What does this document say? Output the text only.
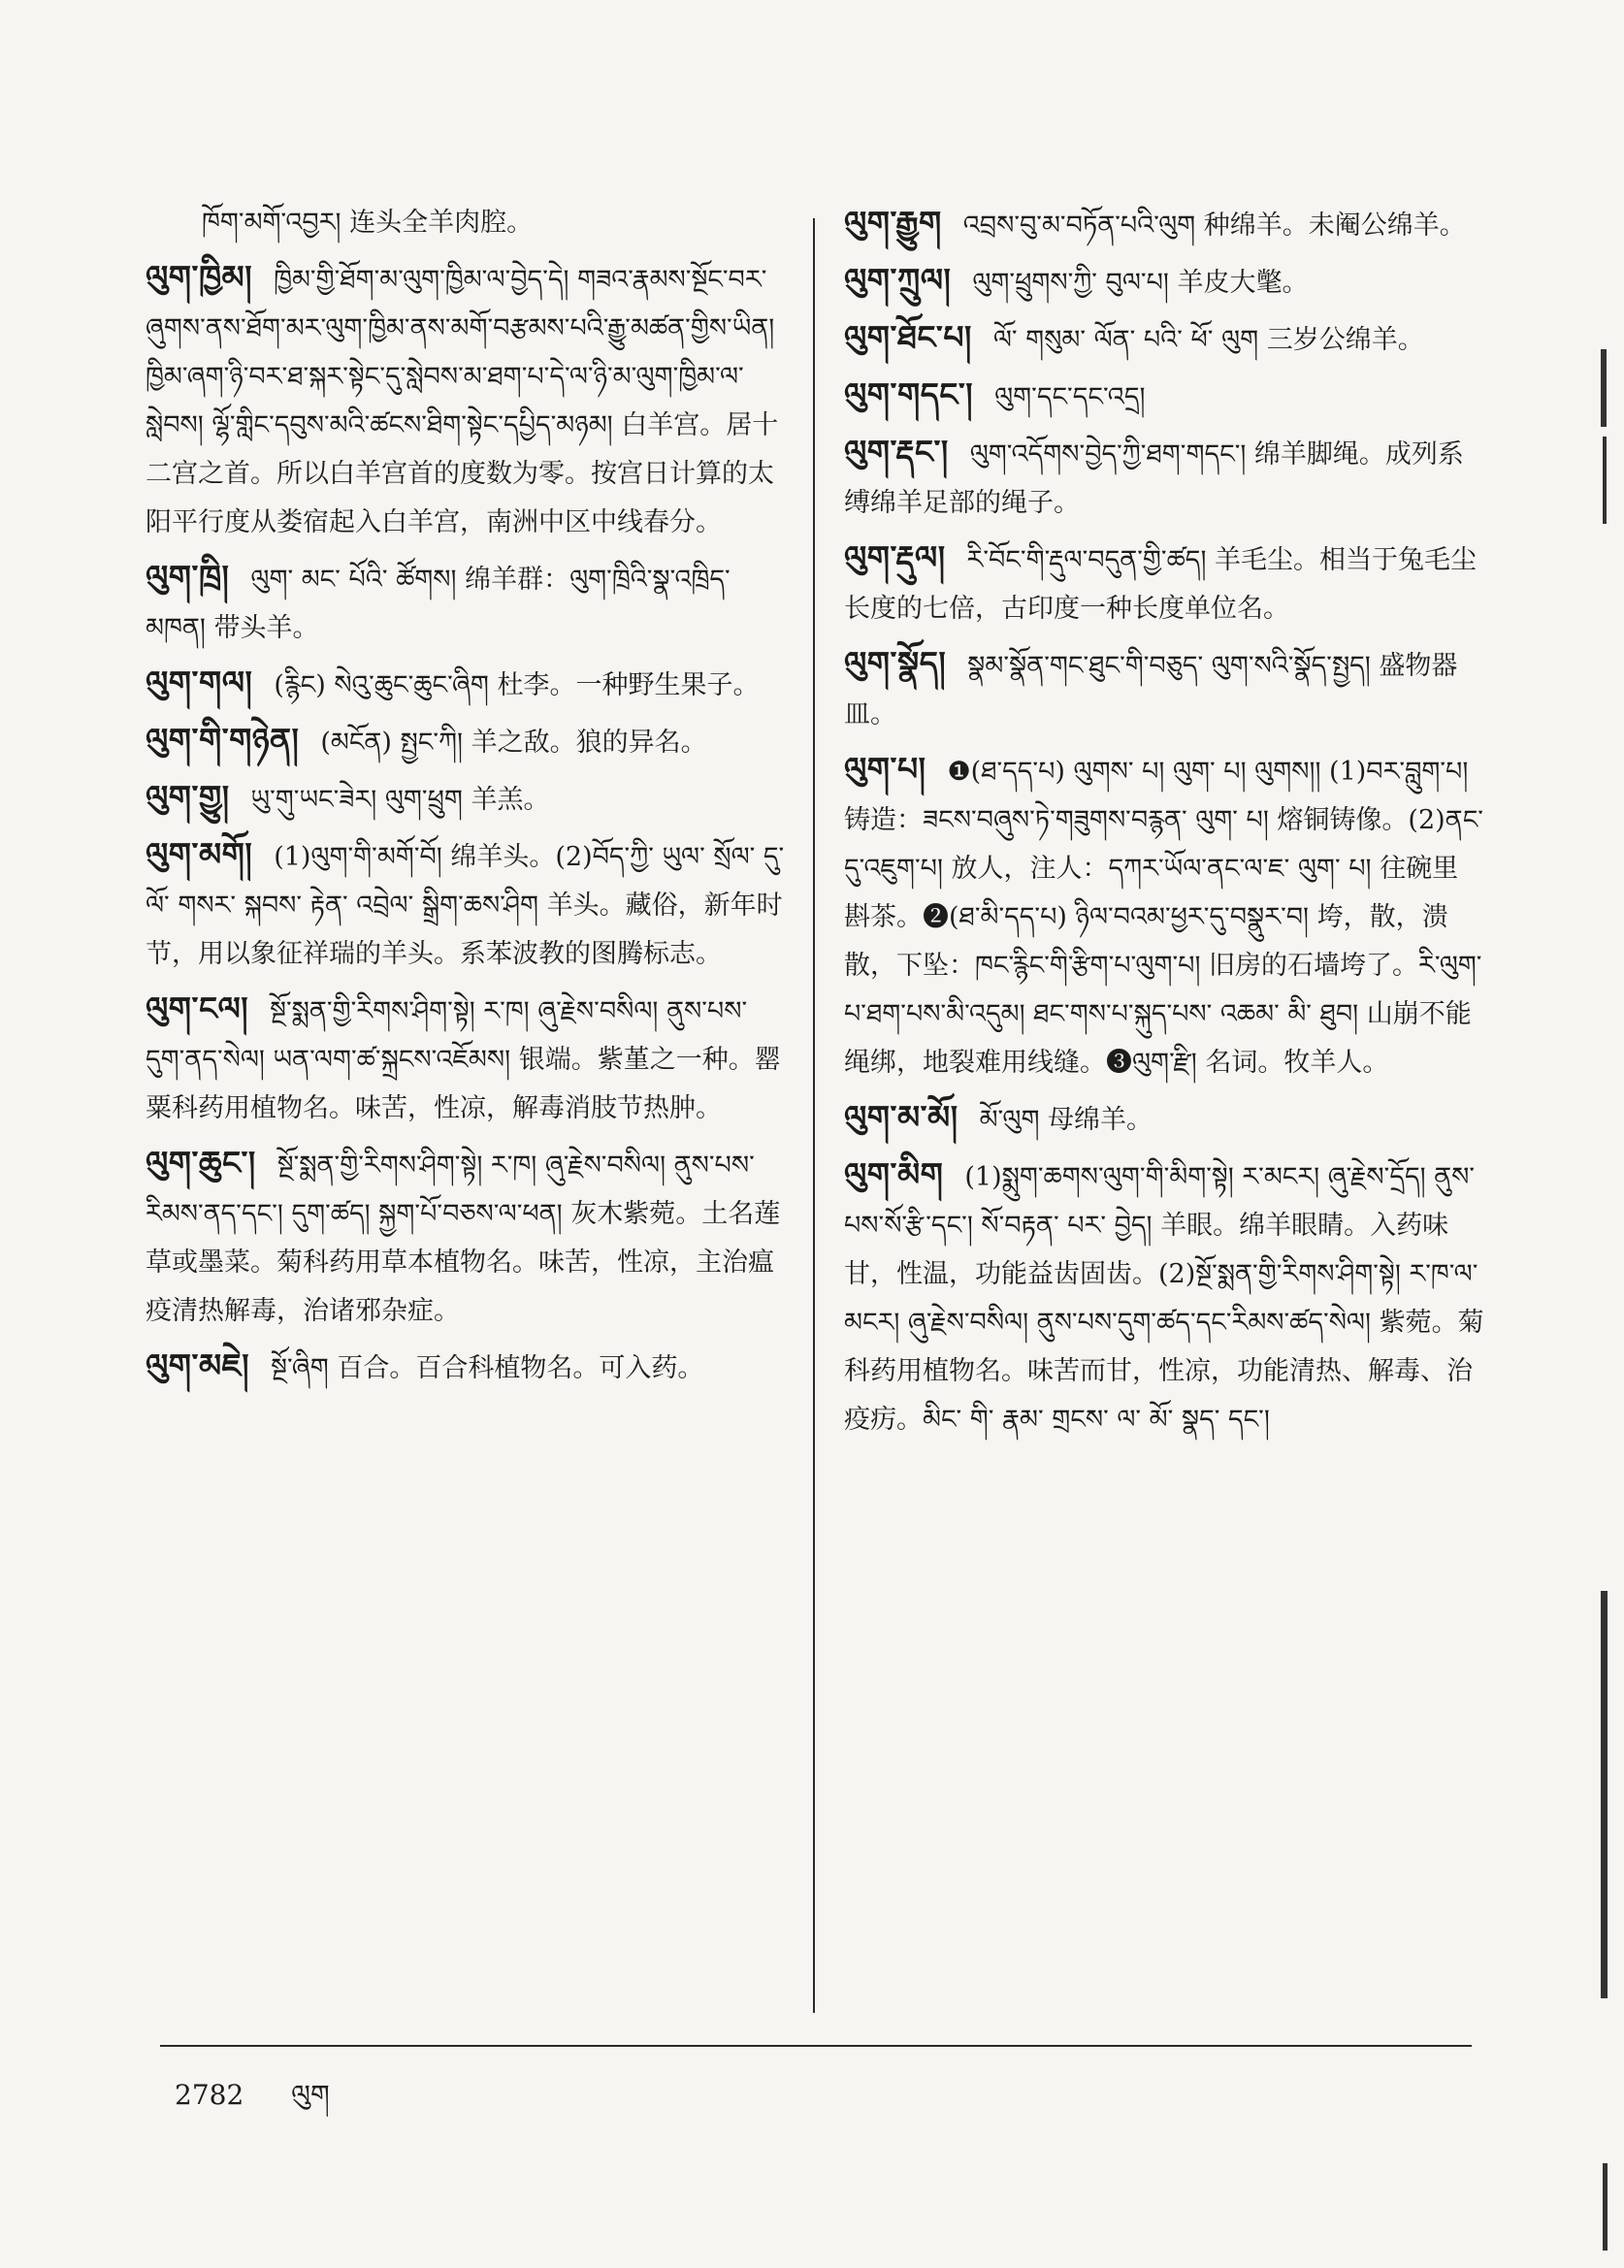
ཁོག་མགོ་འབྱར། 连头全羊肉腔。
ལུག་ཁྱིམ། ཁྱིམ་གྱི་ཐོག་མ་ལུག་ཁྱིམ་ལ་བྱེད་དེ། གཟའ་རྣམས་སྔོང་བར་ཞུགས་ནས་ཐོག་མར་ལུག་ཁྱིམ་ནས་མགོ་བརྩམས་པའི་རྒྱུ་མཚན་གྱིས་ཡིན། ཁྱིམ་ཞག་ཉི་བར་ཐ་སྐར་སྟེང་དུ་སླེབས་མ་ཐག་པ་དེ་ལ་ཉི་མ་ལུག་ཁྱིམ་ལ་སླེབས། ལྷོ་གླིང་དབུས་མའི་ཚངས་ཐིག་སྟེང་དཔྱིད་མཉམ། 白羊宫。居十二宫之首。所以白羊宫首的度数为零。按宫日计算的太阳平行度从娄宿起入白羊宫，南洲中区中线春分。
ལུག་ཁྲི། ལུག་ མང་ པོའི་ ཚོགས། 绵羊群：ལུག་ཁྲིའི་སྣ་འཁྲིད་མཁན། 带头羊。
ལུག་གལ། (རྙིང) སེའུ་ཆུང་ཆུང་ཞིག 杜李。一种野生果子。
ལུག་གི་གཉེན། (མངོན) སྤྱང་ཀི། 羊之敌。狼的异名。
ལུག་གྱུ། ཡུ་གུ་ཡང་ཟེར། ལུག་ཕྲུག 羊羔。
ལུག་མགོ། (1)ལུག་གི་མགོ་བོ། 绵羊头。(2)བོད་ཀྱི་ ཡུལ་ སྲོལ་ དུ་ ལོ་ གསར་ སྐབས་ རྟེན་ འབྲེལ་ སྒྲིག་ཆས་ཤིག 羊头。藏俗，新年时节，用以象征祥瑞的羊头。系苯波教的图腾标志。
ལུག་ངལ། སྔོ་སྨན་གྱི་རིགས་ཤིག་སྟེ། ར་ཁ། ཞུ་རྗེས་བསིལ། ནུས་པས་དུག་ནད་སེལ། ཡན་ལག་ཚ་སྐྲངས་འཇོམས། 银端。紫堇之一种。罂粟科药用植物名。味苦，性凉，解毒消肢节热肿。
ལུག་ཆུང་། སྔོ་སྨན་གྱི་རིགས་ཤིག་སྟེ། ར་ཁ། ཞུ་རྗེས་བསིལ། ནུས་པས་རིམས་ནད་དང་། དུག་ཚད། སྐྱག་པོ་བཅས་ལ་ཕན། 灰木紫菀。土名莲草或墨菜。菊科药用草本植物名。味苦，性凉，主治瘟疫清热解毒，治诸邪杂症。
ལུག་མཇེ། སྔོ་ཞིག 百合。百合科植物名。可入药。
ལུག་རྒྱུག འབྲས་བུ་མ་བཏོན་པའི་ལུག 种绵羊。未阉公绵羊。
ལུག་ཀྲུལ། ལུག་ཕྲུགས་ཀྱི་ བུལ་པ། 羊皮大氅。
ལུག་ཐོང་པ། ལོ་ གསུམ་ ལོན་ པའི་ ཕོ་ ལུག 三岁公绵羊。
ལུག་གདང་། ལུག་དང་དང་འདྲ།
ལུག་རྡང་། ལུག་འདོགས་བྱེད་ཀྱི་ཐག་གདང་། 绵羊脚绳。成列系缚绵羊足部的绳子。
ལུག་རྡུལ། རི་བོང་གི་རྡུལ་བདུན་གྱི་ཚད། 羊毛尘。相当于兔毛尘长度的七倍，古印度一种长度单位名。
ལུག་སྣོད། སྣམ་སྣོན་གང་ཐུང་གི་བཅུད་ ལུག་སའི་སྣོད་སྤྱད། 盛物器皿。
ལུག་པ། ❶(ཐ་དད་པ) ལུགས་ པ། ལུག་ པ། ལུགས།། (1)བར་བླུག་པ། 铸造：ཟངས་བཞུས་ཏེ་གཟུགས་བརྙན་ ལུག་ པ། 熔铜铸像。(2)ནང་དུ་འཇུག་པ། 放人，注人：དཀར་ཡོལ་ནང་ལ་ཇ་ ལུག་ པ། 往碗里斟茶。❷(ཐ་མི་དད་པ) ཉིལ་བའམ་ཕྱར་དུ་བསྣུར་བ། 垮，散，溃散，下坠：ཁང་རྙིང་གི་རྩིག་པ་ལུག་པ། 旧房的石墙垮了。རི་ལུག་པ་ཐག་པས་མི་འདུམ། ཐང་གས་པ་སྐུད་པས་ འཆམ་ མི་ ཐུབ། 山崩不能绳绑，地裂难用线缝。❸ལུག་རྫི། 名词。牧羊人。
ལུག་མ་མོ། མོ་ལུག 母绵羊。
ལུག་མིག (1)སྨུག་ཆགས་ལུག་གི་མིག་སྟེ། ར་མངར། ཞུ་རྗེས་དྲོད། ནུས་པས་སོ་རྩི་དང་། སོ་བརྟན་ པར་ བྱེད། 羊眼。绵羊眼睛。入药味甘，性温，功能益齿固齿。(2)སྔོ་སྨན་གྱི་རིགས་ཤིག་སྟེ། ར་ཁ་ལ་མངར། ཞུ་རྗེས་བསིལ། ནུས་པས་དུག་ཚད་དང་རིམས་ཚད་སེལ། 紫菀。菊科药用植物名。味苦而甘，性凉，功能清热、解毒、治疫疠。མིང་ གི་ རྣམ་ གྲངས་ ལ་ མོ་ སྣད་ དང་།
2782 ལུག
